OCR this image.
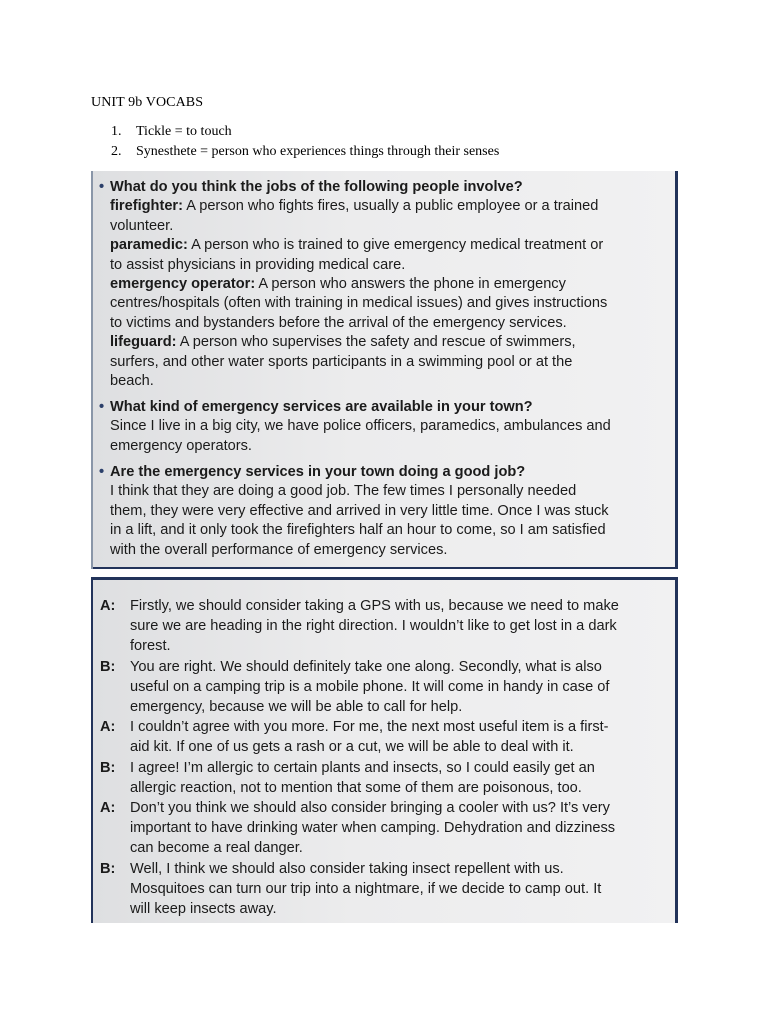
UNIT 9b VOCABS
1. Tickle = to touch
2. Synesthete = person who experiences things through their senses
• What do you think the jobs of the following people involve?
firefighter: A person who fights fires, usually a public employee or a trained
volunteer.
paramedic: A person who is trained to give emergency medical treatment or
to assist physicians in providing medical care.
emergency operator: A person who answers the phone in emergency
centres/hospitals (often with training in medical issues) and gives instructions
to victims and bystanders before the arrival of the emergency services.
lifeguard: A person who supervises the safety and rescue of swimmers,
surfers, and other water sports participants in a swimming pool or at the
beach.
• What kind of emergency services are available in your town?
Since I live in a big city, we have police officers, paramedics, ambulances and
emergency operators.
• Are the emergency services in your town doing a good job?
I think that they are doing a good job. The few times I personally needed
them, they were very effective and arrived in very little time. Once I was stuck
in a lift, and it only took the firefighters half an hour to come, so I am satisfied
with the overall performance of emergency services.
A: Firstly, we should consider taking a GPS with us, because we need to make
sure we are heading in the right direction. I wouldn’t like to get lost in a dark
forest.
B: You are right. We should definitely take one along. Secondly, what is also
useful on a camping trip is a mobile phone. It will come in handy in case of
emergency, because we will be able to call for help.
A: I couldn’t agree with you more. For me, the next most useful item is a first-
aid kit. If one of us gets a rash or a cut, we will be able to deal with it.
B: I agree! I’m allergic to certain plants and insects, so I could easily get an
allergic reaction, not to mention that some of them are poisonous, too.
A: Don’t you think we should also consider bringing a cooler with us? It’s very
important to have drinking water when camping. Dehydration and dizziness
can become a real danger.
B: Well, I think we should also consider taking insect repellent with us.
Mosquitoes can turn our trip into a nightmare, if we decide to camp out. It
will keep insects away.
